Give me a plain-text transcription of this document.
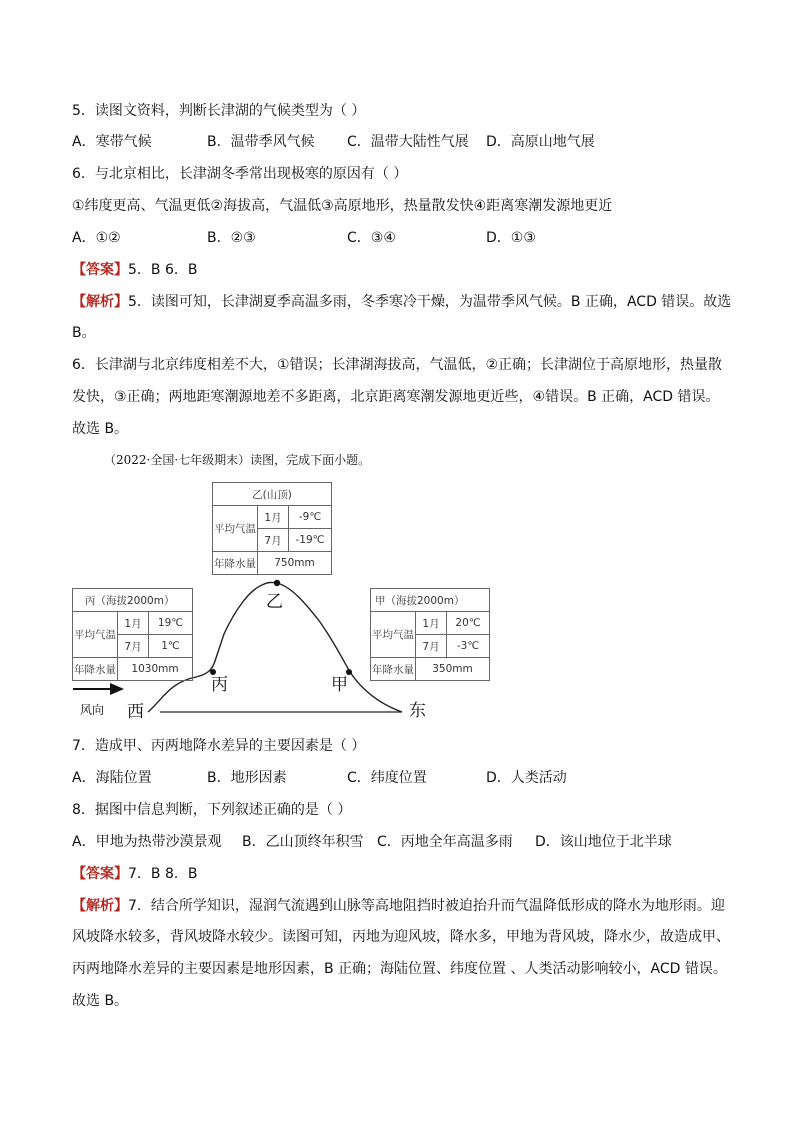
5．读图文资料，判断长津湖的气候类型为（ ）
A．寒带气候	B．温带季风气候 C．温带大陆性气展 D．高原山地气展
6．与北京相比，长津湖冬季常出现极寒的原因有（ ）
①纬度更高、气温更低②海拔高，气温低③高原地形，热量散发快④距离寒潮发源地更近
A．①②	B．②③	C．③④	D．①③
【答案】5．B 6．B
【解析】5．读图可知，长津湖夏季高温多雨，冬季寒冷干燥，为温带季风气候。B 正确，ACD 错误。故选
B。
6．长津湖与北京纬度相差不大，①错误；长津湖海拔高，气温低，②正确；长津湖位于高原地形，热量散
发快，③正确；两地距寒潮源地差不多距离，北京距离寒潮发源地更近些，④错误。B 正确，ACD 错误。
故选 B。
（2022·全国·七年级期末）读图，完成下面小题。
乙
丙	甲
西	东
风向
乙(山顶)		
平均气温	1月	-9℃
	7月	-19℃
年降水量	750mm	
丙（海拔2000m）		
平均气温	1月	19℃
	7月	1℃
年降水量	1030mm	
甲（海拔2000m）		
平均气温	1月	20℃
	7月	-3℃
年降水量	350mm	
7．造成甲、丙两地降水差异的主要因素是（ ）
A．海陆位置	B．地形因素	C．纬度位置	D．人类活动
8．据图中信息判断，下列叙述正确的是（ ）
A．甲地为热带沙漠景观 B．乙山顶终年积雪 C．丙地全年高温多雨 D．该山地位于北半球
【答案】7．B 8．B
【解析】7．结合所学知识，湿润气流遇到山脉等高地阻挡时被迫抬升而气温降低形成的降水为地形雨。迎
风坡降水较多，背风坡降水较少。读图可知，丙地为迎风坡，降水多，甲地为背风坡，降水少，故造成甲、
丙两地降水差异的主要因素是地形因素，B 正确；海陆位置、纬度位置 、人类活动影响较小，ACD 错误。
故选 B。
